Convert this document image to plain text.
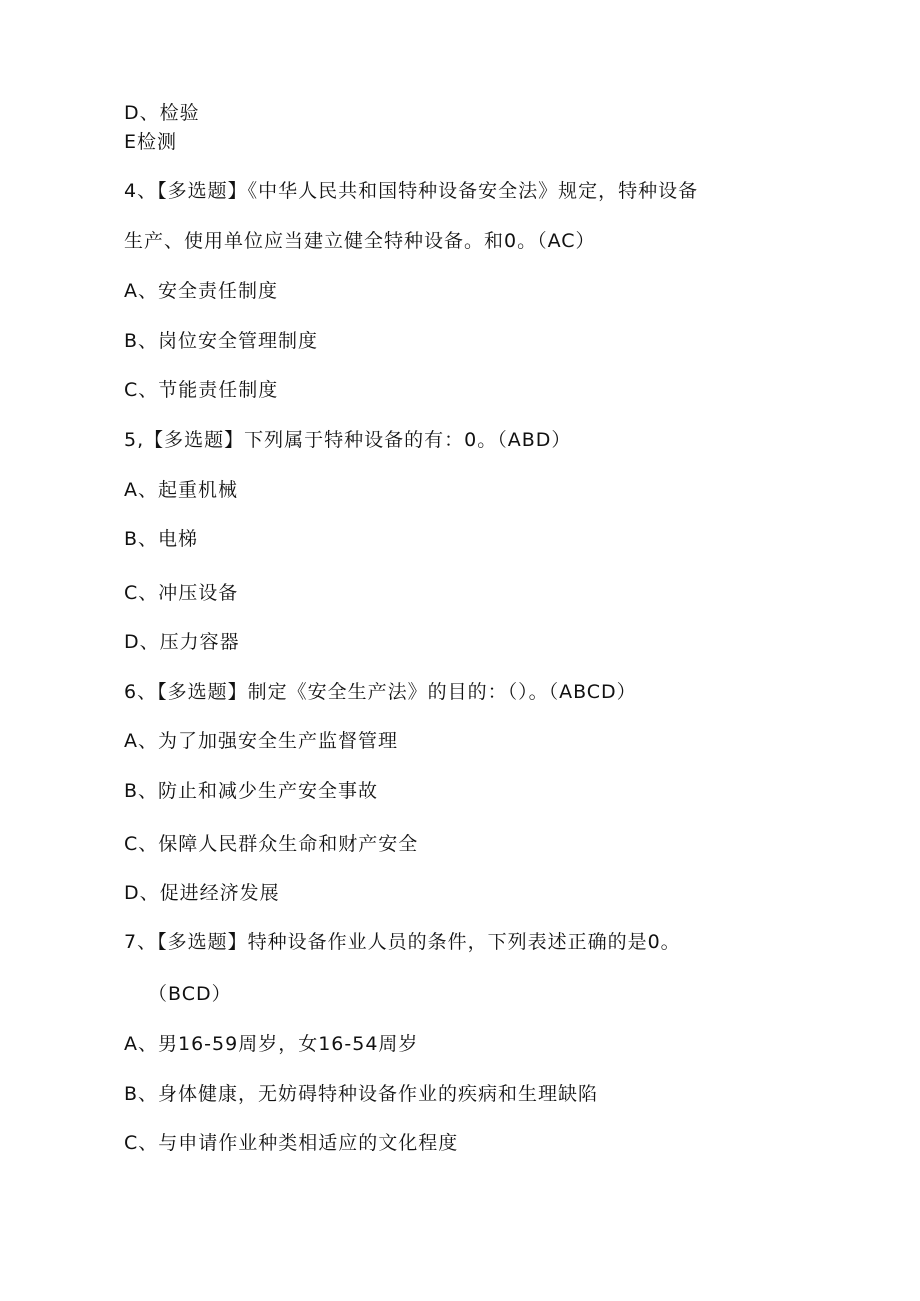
D、检验
E检测
4、【多选题】《中华人民共和国特种设备安全法》规定，特种设备
生产、使用单位应当建立健全特种设备。和0。（AC）
A、安全责任制度
B、岗位安全管理制度
C、节能责任制度
5,【多选题】下列属于特种设备的有：0。（ABD）
A、起重机械
B、电梯
C、冲压设备
D、压力容器
6、【多选题】制定《安全生产法》的目的：（）。（ABCD）
A、为了加强安全生产监督管理
B、防止和减少生产安全事故
C、保障人民群众生命和财产安全
D、促进经济发展
7、【多选题】特种设备作业人员的条件，下列表述正确的是0。
（BCD）
A、男16-59周岁，女16-54周岁
B、身体健康，无妨碍特种设备作业的疾病和生理缺陷
C、与申请作业种类相适应的文化程度
